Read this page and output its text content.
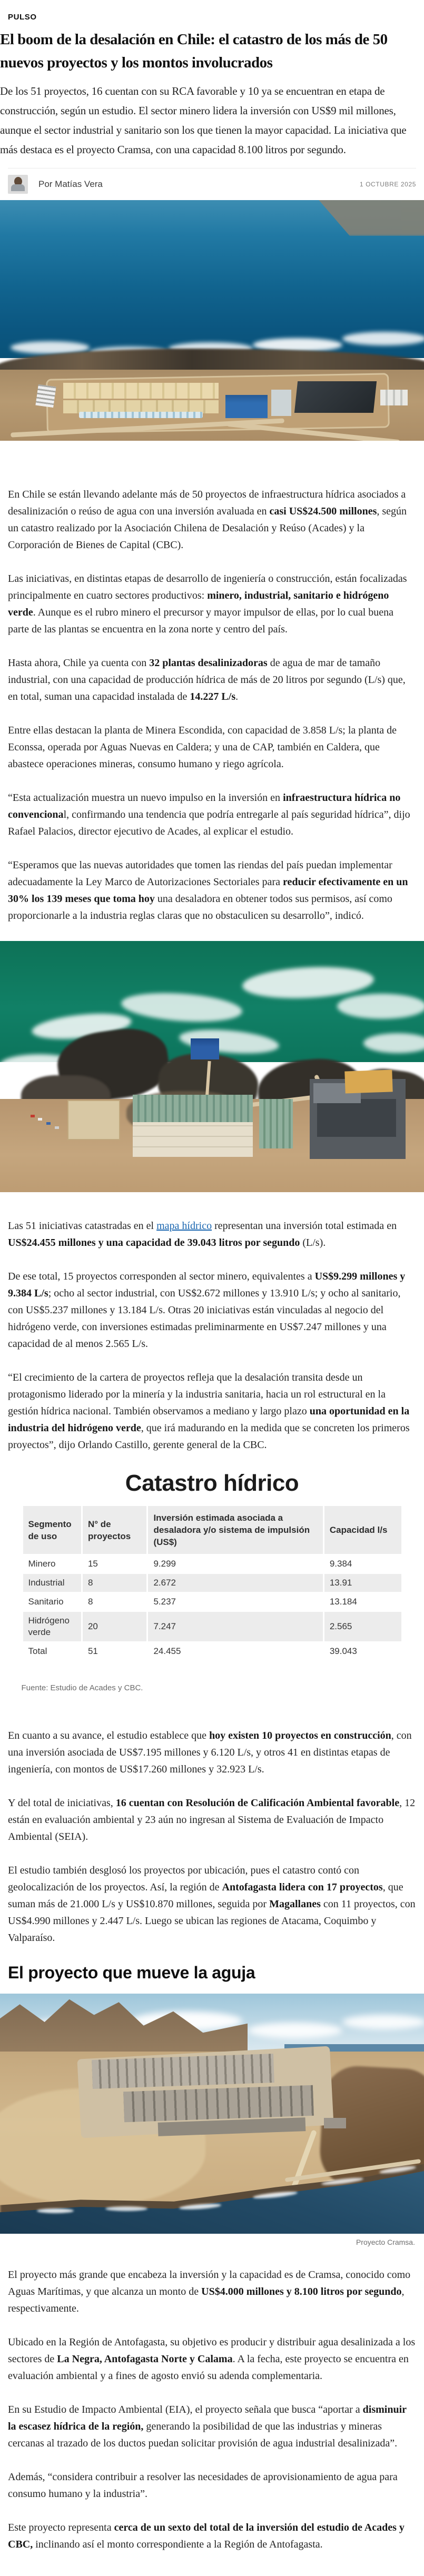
PULSO
El boom de la desalación en Chile: el catastro de los más de 50 nuevos proyectos y los montos involucrados

De los 51 proyectos, 16 cuentan con su RCA favorable y 10 ya se encuentran en etapa de construcción, según un estudio. El sector minero lidera la inversión con US$9 mil millones, aunque el sector industrial y sanitario son los que tienen la mayor capacidad. La iniciativa que más destaca es el proyecto Cramsa, con una capacidad 8.100 litros por segundo.

Por Matías Vera	1 OCTUBRE 2025

En Chile se están llevando adelante más de 50 proyectos de infraestructura hídrica asociados a desalinización o reúso de agua con una inversión avaluada en casi US$24.500 millones, según un catastro realizado por la Asociación Chilena de Desalación y Reúso (Acades) y la Corporación de Bienes de Capital (CBC).

Las iniciativas, en distintas etapas de desarrollo de ingeniería o construcción, están focalizadas principalmente en cuatro sectores productivos: minero, industrial, sanitario e hidrógeno verde. Aunque es el rubro minero el precursor y mayor impulsor de ellas, por lo cual buena parte de las plantas se encuentra en la zona norte y centro del país.

Hasta ahora, Chile ya cuenta con 32 plantas desalinizadoras de agua de mar de tamaño industrial, con una capacidad de producción hídrica de más de 20 litros por segundo (L/s) que, en total, suman una capacidad instalada de 14.227 L/s.

Entre ellas destacan la planta de Minera Escondida, con capacidad de 3.858 L/s; la planta de Econssa, operada por Aguas Nuevas en Caldera; y una de CAP, también en Caldera, que abastece operaciones mineras, consumo humano y riego agrícola.

“Esta actualización muestra un nuevo impulso en la inversión en infraestructura hídrica no convencional, confirmando una tendencia que podría entregarle al país seguridad hídrica”, dijo Rafael Palacios, director ejecutivo de Acades, al explicar el estudio.

“Esperamos que las nuevas autoridades que tomen las riendas del país puedan implementar adecuadamente la Ley Marco de Autorizaciones Sectoriales para reducir efectivamente en un 30% los 139 meses que toma hoy una desaladora en obtener todos sus permisos, así como proporcionarle a la industria reglas claras que no obstaculicen su desarrollo”, indicó.

Las 51 iniciativas catastradas en el mapa hídrico representan una inversión total estimada en US$24.455 millones y una capacidad de 39.043 litros por segundo (L/s).

De ese total, 15 proyectos corresponden al sector minero, equivalentes a US$9.299 millones y 9.384 L/s; ocho al sector industrial, con US$2.672 millones y 13.910 L/s; y ocho al sanitario, con US$5.237 millones y 13.184 L/s. Otras 20 iniciativas están vinculadas al negocio del hidrógeno verde, con inversiones estimadas preliminarmente en US$7.247 millones y una capacidad de al menos 2.565 L/s.

“El crecimiento de la cartera de proyectos refleja que la desalación transita desde un protagonismo liderado por la minería y la industria sanitaria, hacia un rol estructural en la gestión hídrica nacional. También observamos a mediano y largo plazo una oportunidad en la industria del hidrógeno verde, que irá madurando en la medida que se concreten los primeros proyectos”, dijo Orlando Castillo, gerente general de la CBC.

Catastro hídrico
Segmento de uso	N° de proyectos	Inversión estimada asociada a desaladora y/o sistema de impulsión (US$)	Capacidad l/s
Minero	15	9.299	9.384
Industrial	8	2.672	13.91
Sanitario	8	5.237	13.184
Hidrógeno verde	20	7.247	2.565
Total	51	24.455	39.043
Fuente: Estudio de Acades y CBC.

En cuanto a su avance, el estudio establece que hoy existen 10 proyectos en construcción, con una inversión asociada de US$7.195 millones y 6.120 L/s, y otros 41 en distintas etapas de ingeniería, con montos de US$17.260 millones y 32.923 L/s.

Y del total de iniciativas, 16 cuentan con Resolución de Calificación Ambiental favorable, 12 están en evaluación ambiental y 23 aún no ingresan al Sistema de Evaluación de Impacto Ambiental (SEIA).

El estudio también desglosó los proyectos por ubicación, pues el catastro contó con geolocalización de los proyectos. Así, la región de Antofagasta lidera con 17 proyectos, que suman más de 21.000 L/s y US$10.870 millones, seguida por Magallanes con 11 proyectos, con US$4.990 millones y 2.447 L/s. Luego se ubican las regiones de Atacama, Coquimbo y Valparaíso.

El proyecto que mueve la aguja
Proyecto Cramsa.

El proyecto más grande que encabeza la inversión y la capacidad es de Cramsa, conocido como Aguas Marítimas, y que alcanza un monto de US$4.000 millones y 8.100 litros por segundo, respectivamente.

Ubicado en la Región de Antofagasta, su objetivo es producir y distribuir agua desalinizada a los sectores de La Negra, Antofagasta Norte y Calama. A la fecha, este proyecto se encuentra en evaluación ambiental y a fines de agosto envió su adenda complementaria.

En su Estudio de Impacto Ambiental (EIA), el proyecto señala que busca “aportar a disminuir la escasez hídrica de la región, generando la posibilidad de que las industrias y mineras cercanas al trazado de los ductos puedan solicitar provisión de agua industrial desalinizada”.

Además, “considera contribuir a resolver las necesidades de aprovisionamiento de agua para consumo humano y la industria”.

Este proyecto representa cerca de un sexto del total de la inversión del estudio de Acades y CBC, inclinando así el monto correspondiente a la Región de Antofagasta.
